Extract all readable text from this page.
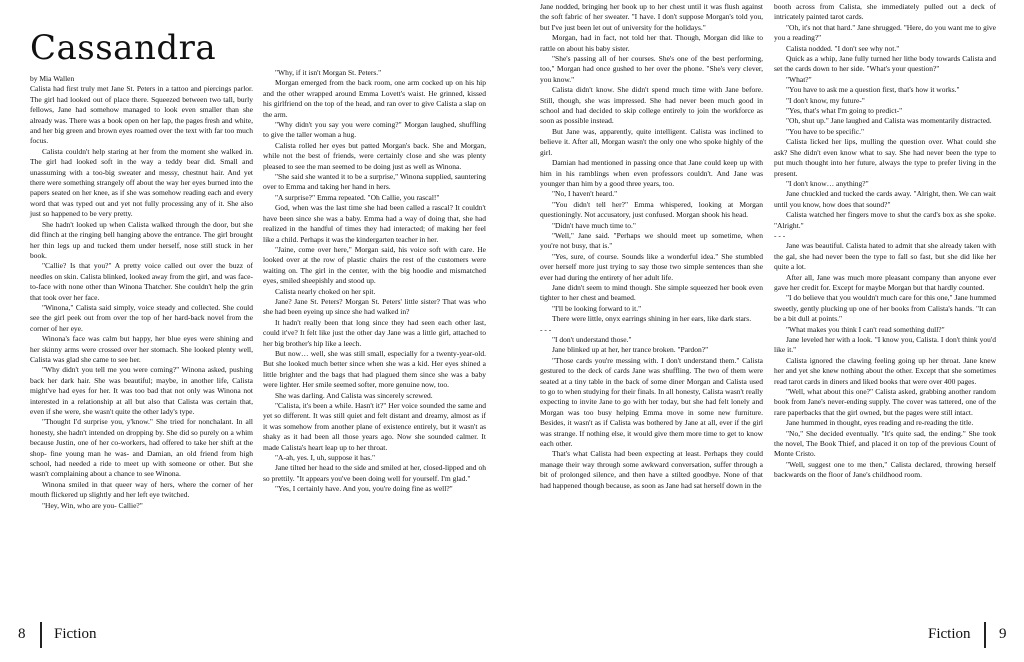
Cassandra

by Mia Wallen

Calista had first truly met Jane St. Peters in a tattoo and piercings parlor. The girl had looked out of place there. Squeezed between two tall, burly fellows, Jane had somehow managed to look even smaller than she already was. There was a book open on her lap, the pages fresh and white, and her big green and brown eyes roamed over the text with far too much focus.

Calista couldn't help staring at her from the moment she walked in. The girl had looked soft in the way a teddy bear did. Small and unassuming with a too-big sweater and messy, chestnut hair. And yet there were something strangely off about the way her eyes burned into the papers seated on her knee, as if she was somehow reading each and every word that was typed out and yet not fully processing any of it. She also just so happened to be very pretty.

She hadn't looked up when Calista walked through the door, but she did flinch at the ringing bell hanging above the entrance. The girl brought her thin legs up and tucked them under herself, nose still stuck in her book.

"Callie? Is that you?" A pretty voice called out over the buzz of needles on skin. Calista blinked, looked away from the girl, and was face-to-face with none other than Winona Thatcher. She couldn't help the grin that took over her face.

"Winona," Calista said simply, voice steady and collected. She could see the girl peek out from over the top of her hard-back novel from the corner of her eye.

Winona's face was calm but happy, her blue eyes were shining and her skinny arms were crossed over her stomach. She looked plenty well, Calista was glad she came to see her.

"Why didn't you tell me you were coming?" Winona asked, pushing back her dark hair. She was beautiful; maybe, in another life, Calista might've had eyes for her. It was too bad that not only was Winona not interested in a relationship at all but also that Calista was certain that, even if she were, she wasn't quite the other lady's type.

"Thought I'd surprise you, y'know." She tried for nonchalant. In all honesty, she hadn't intended on dropping by. She did so purely on a whim because Justin, one of her co-workers, had offered to take her shift at the shop- fine young man he was- and Damian, an old friend from high school, had needed a ride to meet up with someone or other. But she wasn't complaining about a chance to see Winona.

Winona smiled in that queer way of hers, where the corner of her mouth flickered up slightly and her left eye twitched.

"Hey, Win, who are you- Callie?"

"Why, if it isn't Morgan St. Peters."

Morgan emerged from the back room, one arm cocked up on his hip and the other wrapped around Emma Lovett's waist. He grinned, kissed his girlfriend on the top of the head, and ran over to give Calista a slap on the arm.

"Why didn't you say you were coming?" Morgan laughed, shuffling to give the taller woman a hug.

Calista rolled her eyes but patted Morgan's back. She and Morgan, while not the best of friends, were certainly close and she was plenty pleased to see the man seemed to be doing just as well as Winona.

"She said she wanted it to be a surprise," Winona supplied, sauntering over to Emma and taking her hand in hers.

"A surprise?" Emma repeated. "Oh Callie, you rascal!"

God, when was the last time she had been called a rascal? It couldn't have been since she was a baby. Emma had a way of doing that, she had realized in the handful of times they had interacted; of making her feel like a child. Perhaps it was the kindergarten teacher in her.

"Jaine, come over here," Morgan said, his voice soft with care. He looked over at the row of plastic chairs the rest of the customers were waiting on. The girl in the center, with the big hoodie and mismatched eyes, smiled sheepishly and stood up.

Calista nearly choked on her spit.

Jane? Jane St. Peters? Morgan St. Peters' little sister? That was who she had been eyeing up since she had walked in?

It hadn't really been that long since they had seen each other last, could it've? It felt like just the other day Jane was a little girl, attached to her big brother's hip like a leech.

But now… well, she was still small, especially for a twenty-year-old. But she looked much better since when she was a kid. Her eyes shined a little brighter and the bags that had plagued them since she was a baby were lighter. Her smile seemed softer, more genuine now, too.

She was darling. And Calista was sincerely screwed.

"Calista, it's been a while. Hasn't it?" Her voice sounded the same and yet so different. It was still quiet and felt distant and dreamy, almost as if it was somehow from another plane of existence entirely, but it wasn't as shaky as it had been all those years ago. Now she sounded calmer. It made Calista's heart leap up to her throat.

"A-ah, yes. I, uh, suppose it has."

Jane tilted her head to the side and smiled at her, closed-lipped and oh so prettily. "It appears you've been doing well for yourself. I'm glad."

"Yes, I certainly have. And you, you're doing fine as well?"

Jane nodded, bringing her book up to her chest until it was flush against the soft fabric of her sweater. "I have. I don't suppose Morgan's told you, but I've just been let out of university for the holidays."

Morgan, had in fact, not told her that. Though, Morgan did like to rattle on about his baby sister.

"She's passing all of her courses. She's one of the best performing, too," Morgan had once gushed to her over the phone. "She's very clever, you know."

Calista didn't know. She didn't spend much time with Jane before. Still, though, she was impressed. She had never been much good in school and had decided to skip college entirely to join the workforce as soon as possible instead.

But Jane was, apparently, quite intelligent. Calista was inclined to believe it. After all, Morgan wasn't the only one who spoke highly of the girl.

Damian had mentioned in passing once that Jane could keep up with him in his ramblings when even professors couldn't. And Jane was younger than him by a good three years, too.

"No, I haven't heard."

"You didn't tell her?" Emma whispered, looking at Morgan questioningly. Not accusatory, just confused. Morgan shook his head.

"Didn't have much time to."

"Well," Jane said. "Perhaps we should meet up sometime, when you're not busy, that is."

"Yes, sure, of course. Sounds like a wonderful idea." She stumbled over herself more just trying to say those two simple sentences than she ever had during the entirety of her adult life.

Jane didn't seem to mind though. She simple squeezed her book even tighter to her chest and beamed.

"I'll be looking forward to it."

There were little, onyx earrings shining in her ears, like dark stars.

- - -

"I don't understand those."

Jane blinked up at her, her trance broken. "Pardon?"

"Those cards you're messing with. I don't understand them." Calista gestured to the deck of cards Jane was shuffling. The two of them were seated at a tiny table in the back of some diner Morgan and Calista used to go to when studying for their finals. In all honesty, Calista wasn't really expecting to invite Jane to go with her today, but she had felt lonely and Morgan was too busy helping Emma move in some new furniture. Besides, it wasn't as if Calista was bothered by Jane at all, ever if the girl was strange. If nothing else, it would give them more time to get to know each other.

That's what Calista had been expecting at least. Perhaps they could manage their way through some awkward conversation, suffer through a bit of prolonged silence, and then have a stilted goodbye. None of that had happened though because, as soon as Jane had sat herself down in the

booth across from Calista, she immediately pulled out a deck of intricately painted tarot cards.

"Oh, it's not that hard." Jane shrugged. "Here, do you want me to give you a reading?"

Calista nodded. "I don't see why not."

Quick as a whip, Jane fully turned her lithe body towards Calista and set the cards down to her side. "What's your question?"

"What?"

"You have to ask me a question first, that's how it works."

"I don't know, my future-"

"Yes, that's what I'm going to predict-"

"Oh, shut up." Jane laughed and Calista was momentarily distracted.

"You have to be specific."

Calista licked her lips, mulling the question over. What could she ask? She didn't even know what to say. She had never been the type to put much thought into her future, always the type to prefer living in the present.

"I don't know… anything?"

Jane chuckled and tucked the cards away. "Alright, then. We can wait until you know, how does that sound?"

Calista watched her fingers move to shut the card's box as she spoke. "Alright."

- - -

Jane was beautiful. Calista hated to admit that she already taken with the gal, she had never been the type to fall so fast, but she did like her quite a lot.

After all, Jane was much more pleasant company than anyone ever gave her credit for. Except for maybe Morgan but that hardly counted.

"I do believe that you wouldn't much care for this one," Jane hummed sweetly, gently plucking up one of her books from Calista's hands. "It can be a bit dull at points."

"What makes you think I can't read something dull?"

Jane leveled her with a look. "I know you, Calista. I don't think you'd like it."

Calista ignored the clawing feeling going up her throat. Jane knew her and yet she knew nothing about the other. Except that she sometimes read tarot cards in diners and liked books that were over 400 pages.

"Well, what about this one?" Calista asked, grabbing another random book from Jane's never-ending supply. The cover was tattered, one of the rare paperbacks that the girl owned, but the pages were still intact.

Jane hummed in thought, eyes reading and re-reading the title.

"No," She decided eventually. "It's quite sad, the ending." She took the novel, The Book Thief, and placed it on top of the previous Count of Monte Cristo.

"Well, suggest one to me then," Calista declared, throwing herself backwards on the floor of Jane's childhood room.

8 Fiction	Fiction 9
